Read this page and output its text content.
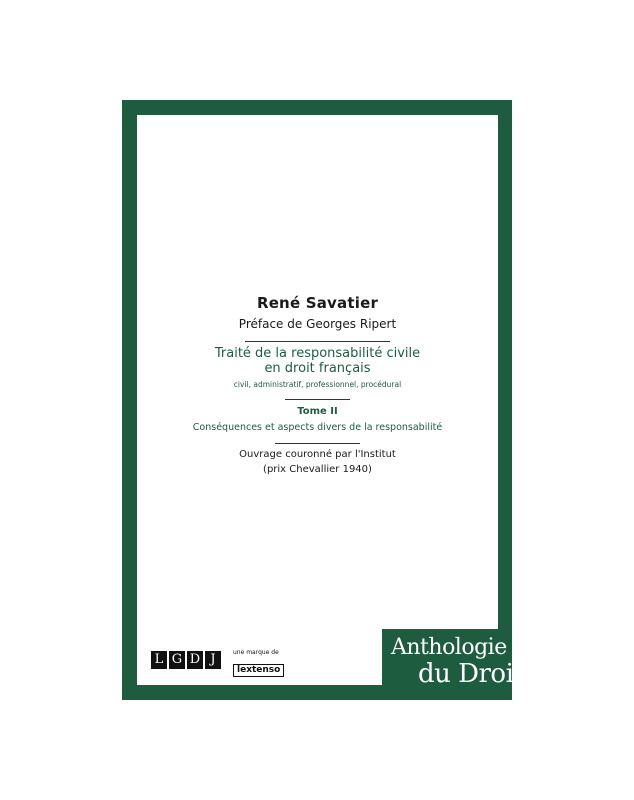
René Savatier
Préface de Georges Ripert
Traité de la responsabilité civile
en droit français
civil, administratif, professionnel, procédural
Tome II
Conséquences et aspects divers de la responsabilité
Ouvrage couronné par l'Institut
(prix Chevallier 1940)
L G D J	une marque de
lextenso
Anthologie
du Droit
